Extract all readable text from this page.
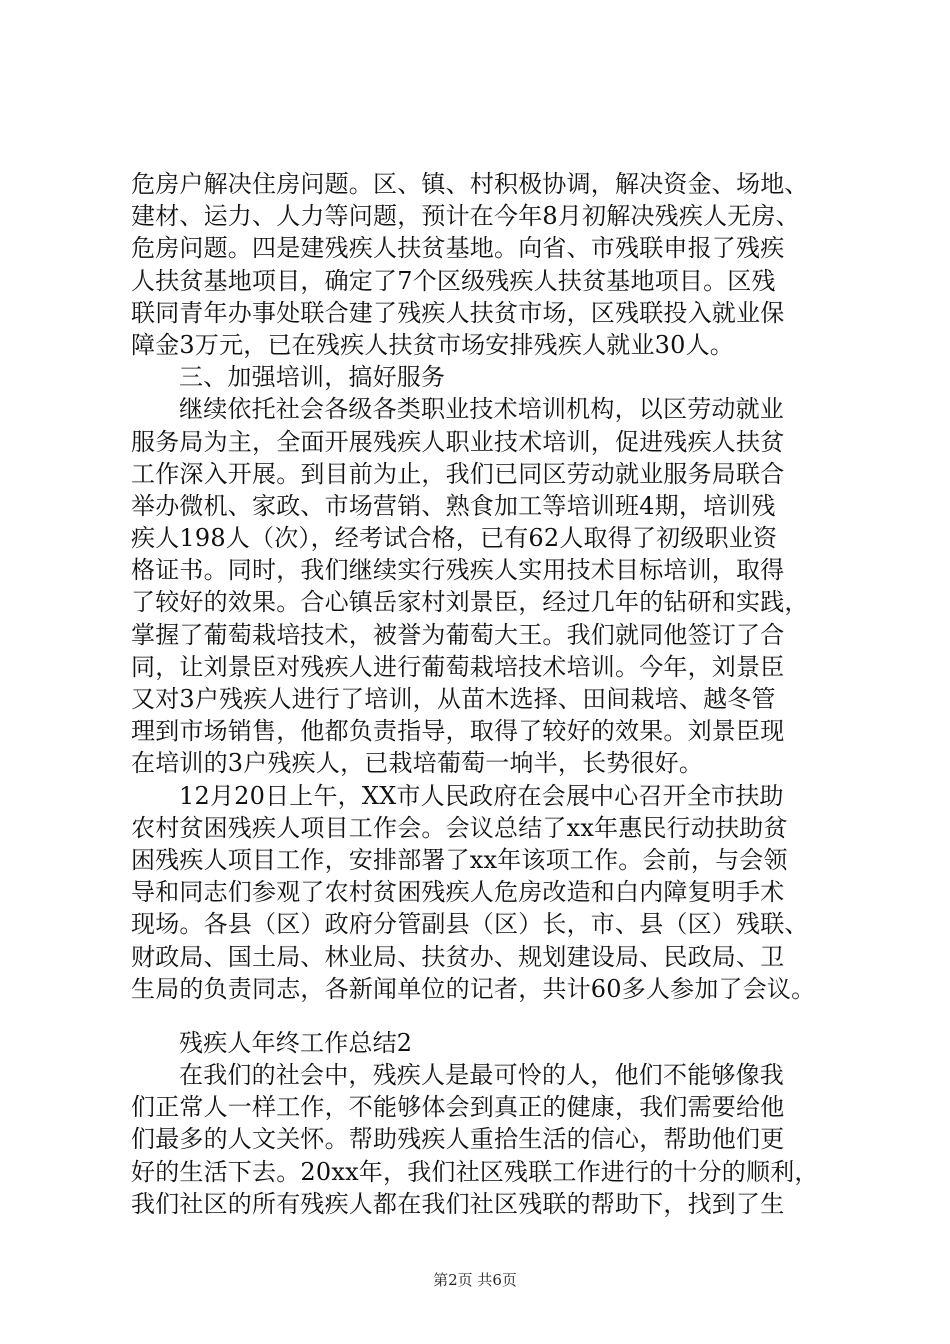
危房户解决住房问题。区、镇、村积极协调，解决资金、场地、
建材、运力、人力等问题，预计在今年8月初解决残疾人无房、
危房问题。四是建残疾人扶贫基地。向省、市残联申报了残疾
人扶贫基地项目，确定了7个区级残疾人扶贫基地项目。区残
联同青年办事处联合建了残疾人扶贫市场，区残联投入就业保
障金3万元，已在残疾人扶贫市场安排残疾人就业30人。
三、加强培训，搞好服务
继续依托社会各级各类职业技术培训机构，以区劳动就业
服务局为主，全面开展残疾人职业技术培训，促进残疾人扶贫
工作深入开展。到目前为止，我们已同区劳动就业服务局联合
举办微机、家政、市场营销、熟食加工等培训班4期，培训残
疾人198人（次），经考试合格，已有62人取得了初级职业资
格证书。同时，我们继续实行残疾人实用技术目标培训，取得
了较好的效果。合心镇岳家村刘景臣，经过几年的钻研和实践，
掌握了葡萄栽培技术，被誉为葡萄大王。我们就同他签订了合
同，让刘景臣对残疾人进行葡萄栽培技术培训。今年，刘景臣
又对3户残疾人进行了培训，从苗木选择、田间栽培、越冬管
理到市场销售，他都负责指导，取得了较好的效果。刘景臣现
在培训的3户残疾人，已栽培葡萄一垧半，长势很好。
12月20日上午，XX市人民政府在会展中心召开全市扶助
农村贫困残疾人项目工作会。会议总结了xx年惠民行动扶助贫
困残疾人项目工作，安排部署了xx年该项工作。会前，与会领
导和同志们参观了农村贫困残疾人危房改造和白内障复明手术
现场。各县（区）政府分管副县（区）长，市、县（区）残联、
财政局、国土局、林业局、扶贫办、规划建设局、民政局、卫
生局的负责同志，各新闻单位的记者，共计60多人参加了会议。
残疾人年终工作总结2
在我们的社会中，残疾人是最可怜的人，他们不能够像我
们正常人一样工作，不能够体会到真正的健康，我们需要给他
们最多的人文关怀。帮助残疾人重拾生活的信心，帮助他们更
好的生活下去。20xx年，我们社区残联工作进行的十分的顺利，
我们社区的所有残疾人都在我们社区残联的帮助下，找到了生
第2页 共6页
